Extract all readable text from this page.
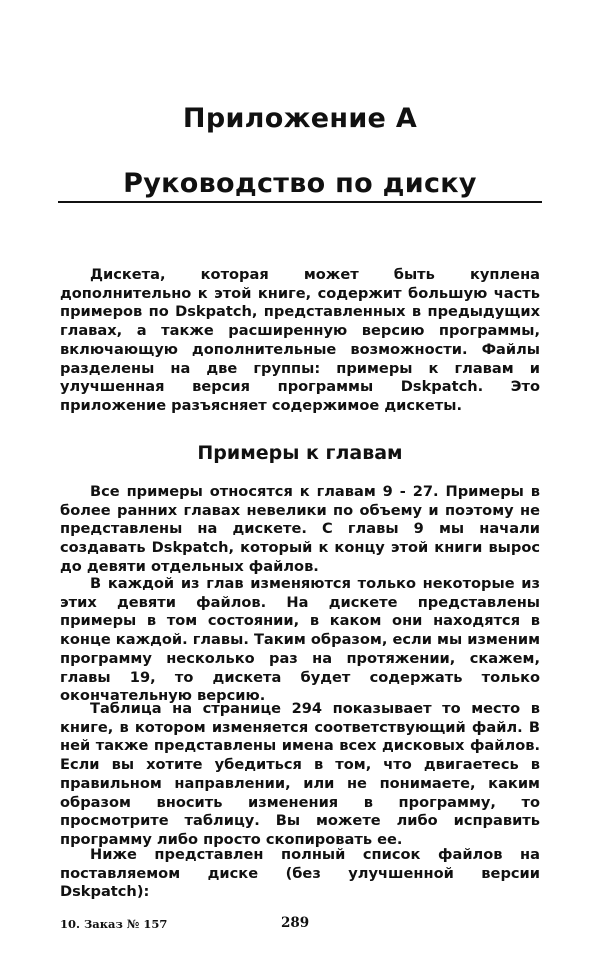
Приложение А
Руководство по диску

Дискета, которая может быть куплена дополнительно к этой книге, содержит большую часть примеров по Dskpatch, представленных в предыдущих главах, а также расширенную версию программы, включающую дополнительные возможности. Файлы разделены на две группы: примеры к главам и улучшенная версия программы Dskpatch. Это приложение разъясняет содержимое дискеты.

Примеры к главам

Все примеры относятся к главам 9 - 27. Примеры в более ранних главах невелики по объему и поэтому не представлены на дискете. С главы 9 мы начали создавать Dskpatch, который к концу этой книги вырос до девяти отдельных файлов.

В каждой из глав изменяются только некоторые из этих девяти файлов. На дискете представлены примеры в том состоянии, в каком они находятся в конце каждой. главы. Таким образом, если мы изменим программу несколько раз на протяжении, скажем, главы 19, то дискета будет содержать только окончательную версию.

Таблица на странице 294 показывает то место в книге, в котором изменяется соответствующий файл. В ней также представлены имена всех дисковых файлов. Если вы хотите убедиться в том, что двигаетесь в правильном направлении, или не понимаете, каким образом вносить изменения в программу, то просмотрите таблицу. Вы можете либо исправить программу либо просто скопировать ее.

Ниже представлен полный список файлов на поставляемом диске (без улучшенной версии Dskpatch):

10. Заказ № 157	289
